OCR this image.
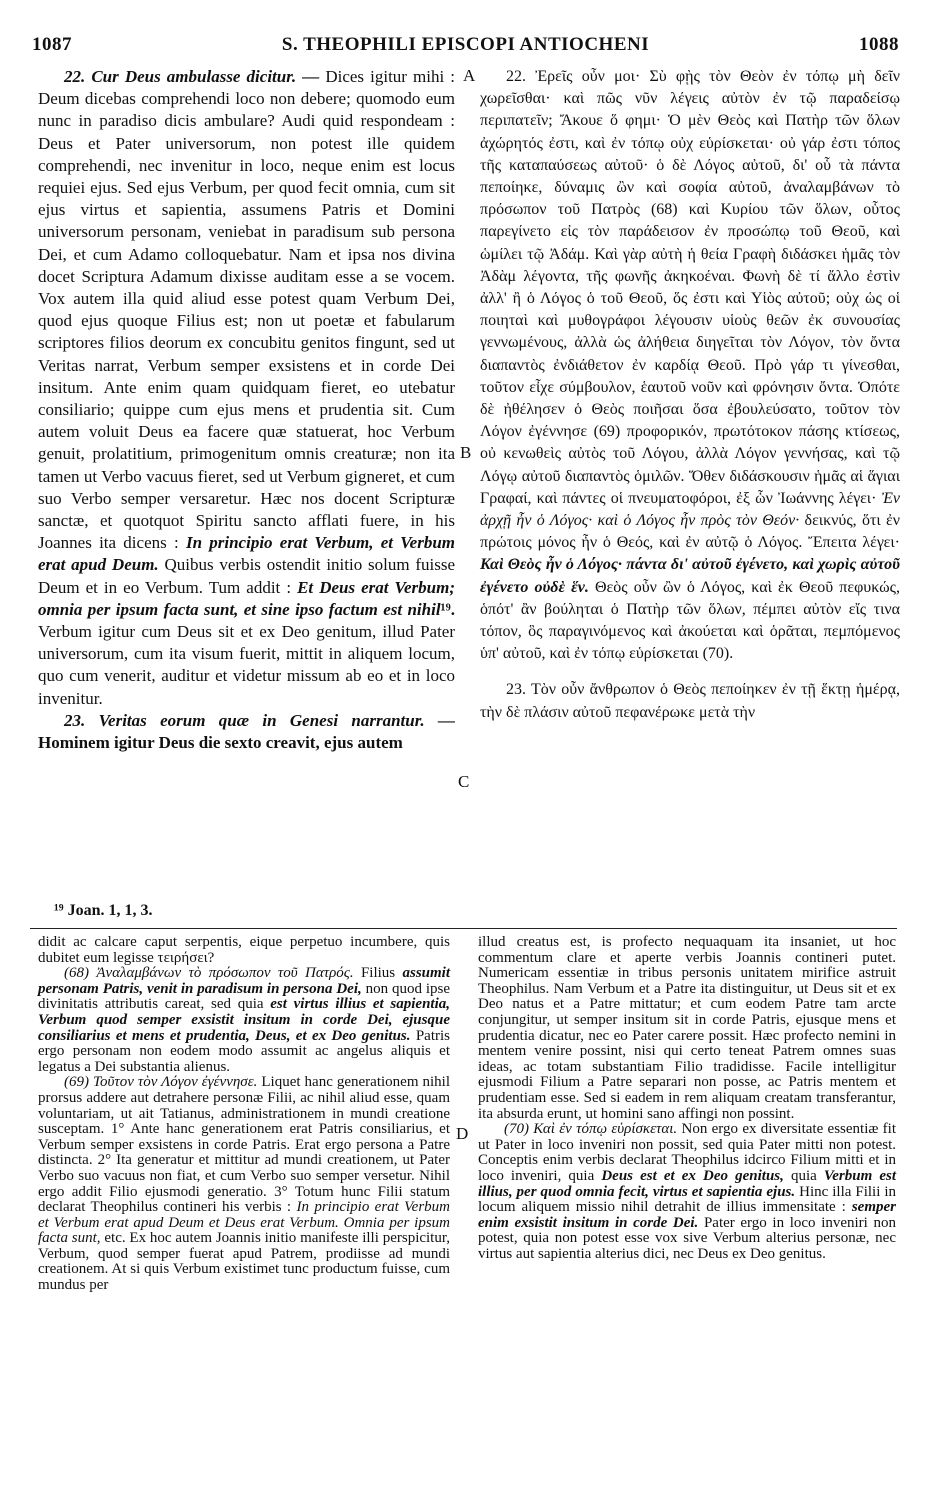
S. THEOPHILI EPISCOPI ANTIOCHENI
1087	1088
A
B
C
D

22. Cur Deus ambulasse dicitur. — Dices igitur mihi : Deum dicebas comprehendi loco non debere; quomodo eum nunc in paradiso dicis ambulare? Audi quid respondeam : Deus et Pater universorum, non potest ille quidem comprehendi, nec invenitur in loco, neque enim est locus requiei ejus. Sed ejus Verbum, per quod fecit omnia, cum sit ejus virtus et sapientia, assumens Patris et Domini universorum personam, veniebat in paradisum sub persona Dei, et cum Adamo colloquebatur. Nam et ipsa nos divina docet Scriptura Adamum dixisse auditam esse a se vocem. Vox autem illa quid aliud esse potest quam Verbum Dei, quod ejus quoque Filius est; non ut poetæ et fabularum scriptores filios deorum ex concubitu genitos fingunt, sed ut Veritas narrat, Verbum semper exsistens et in corde Dei insitum. Ante enim quam quidquam fieret, eo utebatur consiliario; quippe cum ejus mens et prudentia sit. Cum autem voluit Deus ea facere quæ statuerat, hoc Verbum genuit, prolatitium, primogenitum omnis creaturæ; non ita tamen ut Verbo vacuus fieret, sed ut Verbum gigneret, et cum suo Verbo semper versaretur. Hæc nos docent Scripturæ sanctæ, et quotquot Spiritu sancto afflati fuere, in his Joannes ita dicens : In principio erat Verbum, et Verbum erat apud Deum. Quibus verbis ostendit initio solum fuisse Deum et in eo Verbum. Tum addit : Et Deus erat Verbum; omnia per ipsum facta sunt, et sine ipso factum est nihil¹⁹. Verbum igitur cum Deus sit et ex Deo genitum, illud Pater universorum, cum ita visum fuerit, mittit in aliquem locum, quo cum venerit, auditur et videtur missum ab eo et in loco invenitur.

23. Veritas eorum quæ in Genesi narrantur. — Hominem igitur Deus die sexto creavit, ejus autem

22. Ἐρεῖς οὖν μοι· Σὺ φῂς τὸν Θεὸν ἐν τόπῳ μὴ δεῖν χωρεῖσθαι· καὶ πῶς νῦν λέγεις αὐτὸν ἐν τῷ παραδείσῳ περιπατεῖν; Ἄκουε ὅ φημι· Ὁ μὲν Θεὸς καὶ Πατὴρ τῶν ὅλων ἀχώρητός ἐστι, καὶ ἐν τόπῳ οὐχ εὑρίσκεται· οὐ γάρ ἐστι τόπος τῆς καταπαύσεως αὐτοῦ· ὁ δὲ Λόγος αὐτοῦ, δι' οὗ τὰ πάντα πεποίηκε, δύναμις ὢν καὶ σοφία αὐτοῦ, ἀναλαμβάνων τὸ πρόσωπον τοῦ Πατρὸς (68) καὶ Κυρίου τῶν ὅλων, οὗτος παρεγίνετο εἰς τὸν παράδεισον ἐν προσώπῳ τοῦ Θεοῦ, καὶ ὡμίλει τῷ Ἀδάμ. Καὶ γὰρ αὐτὴ ἡ θεία Γραφὴ διδάσκει ἡμᾶς τὸν Ἀδὰμ λέγοντα, τῆς φωνῆς ἀκηκοέναι. Φωνὴ δὲ τί ἄλλο ἐστὶν ἀλλ' ἢ ὁ Λόγος ὁ τοῦ Θεοῦ, ὅς ἐστι καὶ Υἱὸς αὐτοῦ; οὐχ ὡς οἱ ποιηταὶ καὶ μυθογράφοι λέγουσιν υἱοὺς θεῶν ἐκ συνουσίας γεννωμένους, ἀλλὰ ὡς ἀλήθεια διηγεῖται τὸν Λόγον, τὸν ὄντα διαπαντὸς ἐνδιάθετον ἐν καρδίᾳ Θεοῦ. Πρὸ γάρ τι γίνεσθαι, τοῦτον εἶχε σύμβουλον, ἑαυτοῦ νοῦν καὶ φρόνησιν ὄντα. Ὁπότε δὲ ἠθέλησεν ὁ Θεὸς ποιῆσαι ὅσα ἐβουλεύσατο, τοῦτον τὸν Λόγον ἐγέννησε (69) προφορικόν, πρωτότοκον πάσης κτίσεως, οὐ κενωθεὶς αὐτὸς τοῦ Λόγου, ἀλλὰ Λόγον γεννήσας, καὶ τῷ Λόγῳ αὐτοῦ διαπαντὸς ὁμιλῶν. Ὅθεν διδάσκουσιν ἡμᾶς αἱ ἅγιαι Γραφαί, καὶ πάντες οἱ πνευματοφόροι, ἐξ ὧν Ἰωάννης λέγει· Ἐν ἀρχῇ ἦν ὁ Λόγος· καὶ ὁ Λόγος ἦν πρὸς τὸν Θεόν· δεικνύς, ὅτι ἐν πρώτοις μόνος ἦν ὁ Θεός, καὶ ἐν αὐτῷ ὁ Λόγος. Ἔπειτα λέγει· Καὶ Θεὸς ἦν ὁ Λόγος· πάντα δι' αὐτοῦ ἐγένετο, καὶ χωρὶς αὐτοῦ ἐγένετο οὐδὲ ἕν. Θεὸς οὖν ὢν ὁ Λόγος, καὶ ἐκ Θεοῦ πεφυκώς, ὁπότ' ἂν βούληται ὁ Πατὴρ τῶν ὅλων, πέμπει αὐτὸν εἴς τινα τόπον, ὃς παραγινόμενος καὶ ἀκούεται καὶ ὁρᾶται, πεμπόμενος ὑπ' αὐτοῦ, καὶ ἐν τόπῳ εὑρίσκεται (70).

23. Τὸν οὖν ἄνθρωπον ὁ Θεὸς πεποίηκεν ἐν τῇ ἕκτῃ ἡμέρᾳ, τὴν δὲ πλάσιν αὐτοῦ πεφανέρωκε μετὰ τὴν

¹⁹ Joan. 1, 1, 3.

didit ac calcare caput serpentis, eique perpetuo incumbere, quis dubitet eum legisse τειρήσει?

(68) Ἀναλαμβάνων τὸ πρόσωπον τοῦ Πατρός. Filius assumit personam Patris, venit in paradisum in persona Dei, non quod ipse divinitatis attributis careat, sed quia est virtus illius et sapientia, Verbum quod semper exsistit insitum in corde Dei, ejusque consiliarius et mens et prudentia, Deus, et ex Deo genitus. Patris ergo personam non eodem modo assumit ac angelus aliquis et legatus a Dei substantia alienus.

(69) Τοῦτον τὸν Λόγον ἐγέννησε. Liquet hanc generationem nihil prorsus addere aut detrahere personæ Filii, ac nihil aliud esse, quam voluntariam, ut ait Tatianus, administrationem in mundi creatione susceptam. 1° Ante hanc generationem erat Patris consiliarius, et Verbum semper exsistens in corde Patris. Erat ergo persona a Patre distincta. 2° Ita generatur et mittitur ad mundi creationem, ut Pater Verbo suo vacuus non fiat, et cum Verbo suo semper versetur. Nihil ergo addit Filio ejusmodi generatio. 3° Totum hunc Filii statum declarat Theophilus contineri his verbis : In principio erat Verbum et Verbum erat apud Deum et Deus erat Verbum. Omnia per ipsum facta sunt, etc. Ex hoc autem Joannis initio manifeste illi perspicitur, Verbum, quod semper fuerat apud Patrem, prodiisse ad mundi creationem. At si quis Verbum existimet tunc productum fuisse, cum mundus per

illud creatus est, is profecto nequaquam ita insaniet, ut hoc commentum clare et aperte verbis Joannis contineri putet. Numericam essentiæ in tribus personis unitatem mirifice astruit Theophilus. Nam Verbum et a Patre ita distinguitur, ut Deus sit et ex Deo natus et a Patre mittatur; et cum eodem Patre tam arcte conjungitur, ut semper insitum sit in corde Patris, ejusque mens et prudentia dicatur, nec eo Pater carere possit. Hæc profecto nemini in mentem venire possint, nisi qui certo teneat Patrem omnes suas ideas, ac totam substantiam Filio tradidisse. Facile intelligitur ejusmodi Filium a Patre separari non posse, ac Patris mentem et prudentiam esse. Sed si eadem in rem aliquam creatam transferantur, ita absurda erunt, ut homini sano affingi non possint.

(70) Καὶ ἐν τόπῳ εὑρίσκεται. Non ergo ex diversitate essentiæ fit ut Pater in loco inveniri non possit, sed quia Pater mitti non potest. Conceptis enim verbis declarat Theophilus idcirco Filium mitti et in loco inveniri, quia Deus est et ex Deo genitus, quia Verbum est illius, per quod omnia fecit, virtus et sapientia ejus. Hinc illa Filii in locum aliquem missio nihil detrahit de illius immensitate : semper enim exsistit insitum in corde Dei. Pater ergo in loco inveniri non potest, quia non potest esse vox sive Verbum alterius personæ, nec virtus aut sapientia alterius dici, nec Deus ex Deo genitus.
